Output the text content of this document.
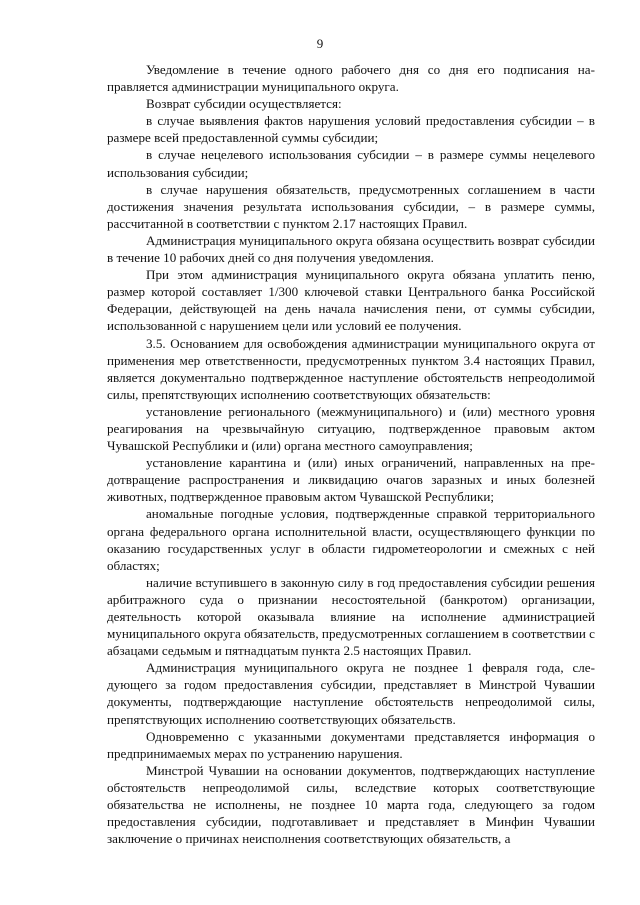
9

Уведомление в течение одного рабочего дня со дня его подписания направляется администрации муниципального округа.

Возврат субсидии осуществляется:

в случае выявления фактов нарушения условий предоставления субсидии – в размере всей предоставленной суммы субсидии;

в случае нецелевого использования субсидии – в размере суммы нецелевого использования субсидии;

в случае нарушения обязательств, предусмотренных соглашением в части достижения значения результата использования субсидии, – в размере суммы, рассчитанной в соответствии с пунктом 2.17 настоящих Правил.

Администрация муниципального округа обязана осуществить возврат субсидии в течение 10 рабочих дней со дня получения уведомления.

При этом администрация муниципального округа обязана уплатить пеню, размер которой составляет 1/300 ключевой ставки Центрального банка Российской Федерации, действующей на день начала начисления пени, от суммы субсидии, использованной с нарушением цели или условий ее получения.

3.5. Основанием для освобождения администрации муниципального округа от применения мер ответственности, предусмотренных пунктом 3.4 настоящих Правил, является документально подтвержденное наступление обстоятельств непреодолимой силы, препятствующих исполнению соответствующих обязательств:

установление регионального (межмуниципального) и (или) местного уровня реагирования на чрезвычайную ситуацию, подтвержденное правовым актом Чувашской Республики и (или) органа местного самоуправления;

установление карантина и (или) иных ограничений, направленных на предотвращение распространения и ликвидацию очагов заразных и иных болезней животных, подтвержденное правовым актом Чувашской Республики;

аномальные погодные условия, подтвержденные справкой территориального органа федерального органа исполнительной власти, осуществляющего функции по оказанию государственных услуг в области гидрометеорологии и смежных с ней областях;

наличие вступившего в законную силу в год предоставления субсидии решения арбитражного суда о признании несостоятельной (банкротом) организации, деятельность которой оказывала влияние на исполнение администрацией муниципального округа обязательств, предусмотренных соглашением в соответствии с абзацами седьмым и пятнадцатым пункта 2.5 настоящих Правил.

Администрация муниципального округа не позднее 1 февраля года, следующего за годом предоставления субсидии, представляет в Минстрой Чувашии документы, подтверждающие наступление обстоятельств непреодолимой силы, препятствующих исполнению соответствующих обязательств.

Одновременно с указанными документами представляется информация о предпринимаемых мерах по устранению нарушения.

Минстрой Чувашии на основании документов, подтверждающих наступление обстоятельств непреодолимой силы, вследствие которых соответствующие обязательства не исполнены, не позднее 10 марта года, следующего за годом предоставления субсидии, подготавливает и представляет в Минфин Чувашии заключение о причинах неисполнения соответствующих обязательств, а
